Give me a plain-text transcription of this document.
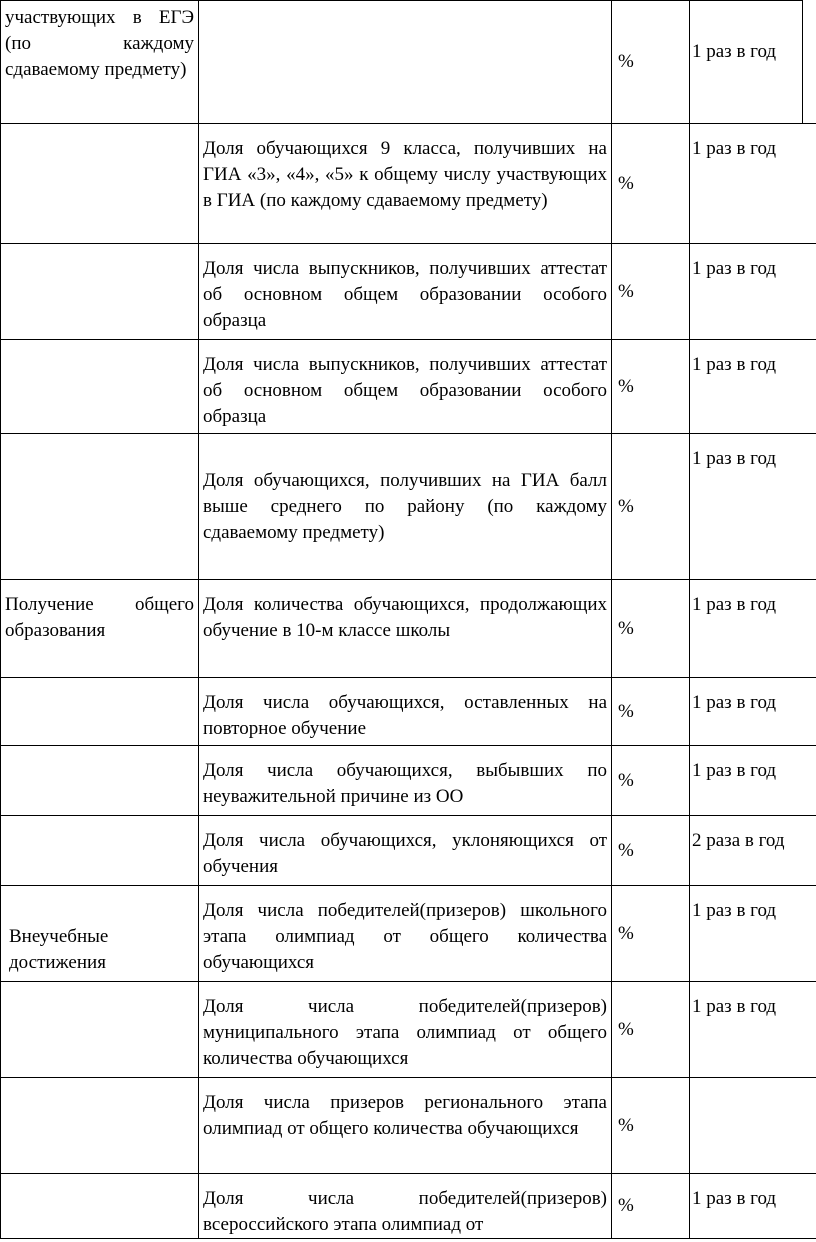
участвующих в ЕГЭ (по каждому сдаваемому предмету)		%	1 раз в год	

	Доля обучающихся 9 класса, получивших на ГИА «3», «4», «5» к общему числу участвующих в ГИА (по каждому сдаваемому предмету)	%	1 раз в год	

	Доля числа выпускников, получивших аттестат об основном общем образовании особого образца	%	1 раз в год	

	Доля числа выпускников, получивших аттестат об основном общем образовании особого образца	%	1 раз в год	

	Доля обучающихся, получивших на ГИА балл выше среднего по району (по каждому сдаваемому предмету)	%	1 раз в год	

Получение общего образования	Доля количества обучающихся, продолжающих обучение в 10-м классе школы	%	1 раз в год	

	Доля числа обучающихся, оставленных на повторное обучение	%	1 раз в год	

	Доля числа обучающихся, выбывших по неуважительной причине из ОО	%	1 раз в год	

	Доля числа обучающихся, уклоняющихся от обучения	%	2 раза в год	

Внеучебные достижения	Доля числа победителей(призеров) школьного этапа олимпиад от общего количества обучающихся	%	1 раз в год	

	Доля числа победителей(призеров) муниципального этапа олимпиад от общего количества обучающихся	%	1 раз в год	

	Доля числа призеров регионального этапа олимпиад от общего количества обучающихся	%		

	Доля числа победителей(призеров) всероссийского этапа олимпиад от	%	1 раз в год	
